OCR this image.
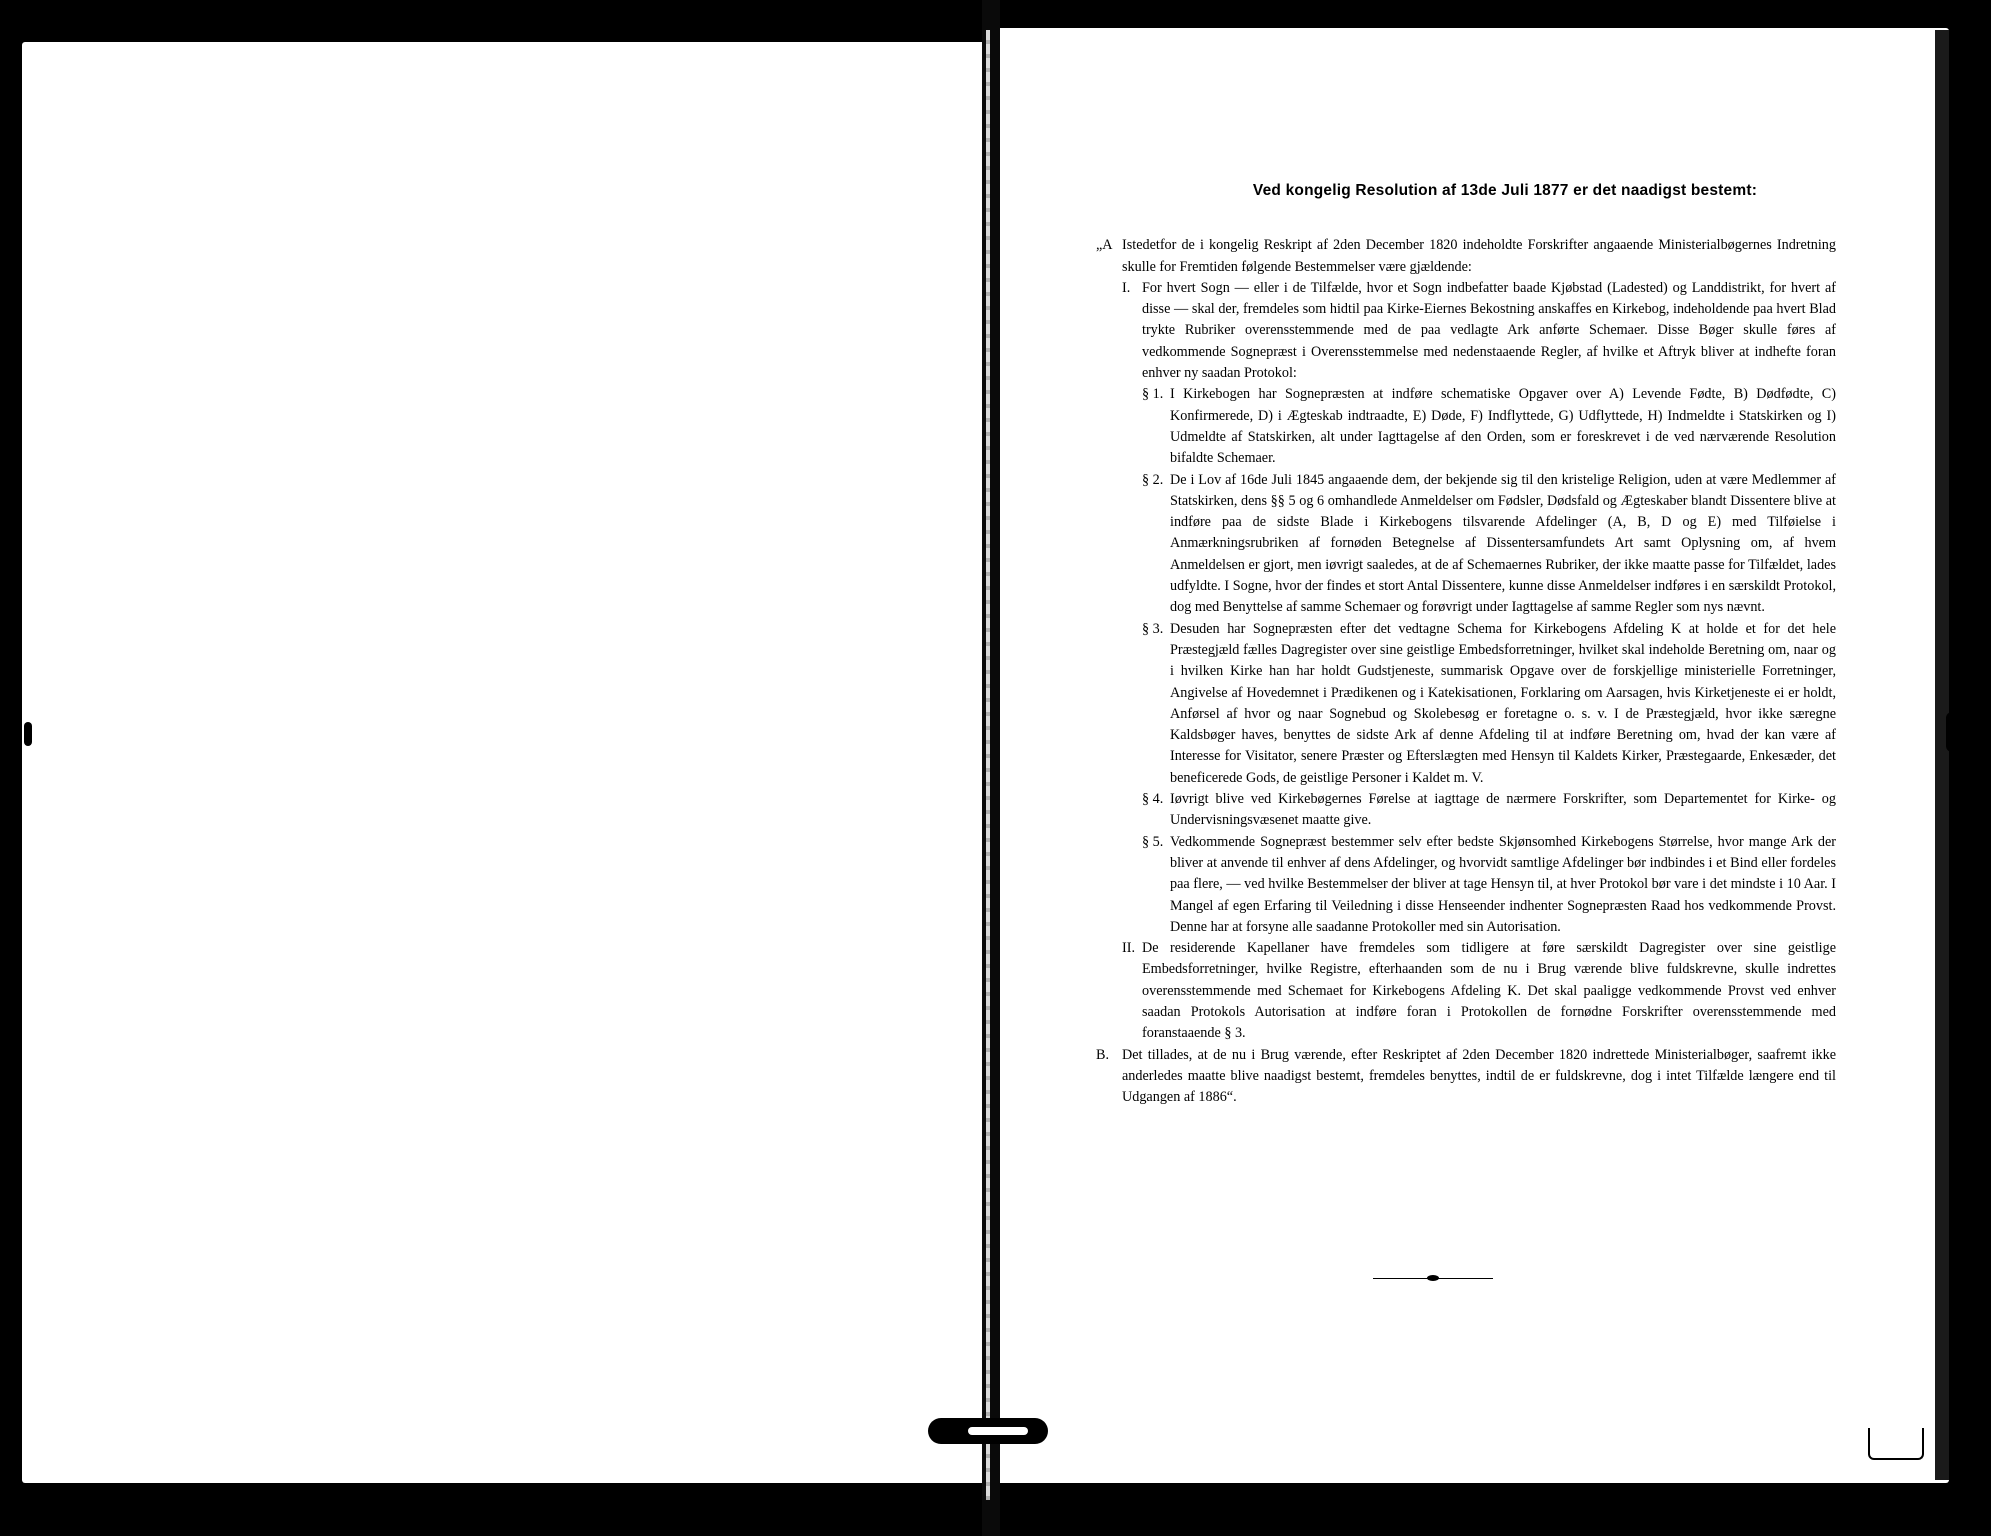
Ved kongelig Resolution af 13de Juli 1877 er det naadigst bestemt:
„A Istedetfor de i kongelig Reskript af 2den December 1820 indeholdte Forskrifter angaaende Ministerialbøgernes Indretning skulle for Fremtiden følgende Bestemmelser være gjældende:
I. For hvert Sogn — eller i de Tilfælde, hvor et Sogn indbefatter baade Kjøbstad (Ladested) og Landdistrikt, for hvert af disse — skal der, fremdeles som hidtil paa Kirke-Eiernes Bekostning anskaffes en Kirkebog, indeholdende paa hvert Blad trykte Rubriker overensstemmende med de paa vedlagte Ark anførte Schemaer. Disse Bøger skulle føres af vedkommende Sognepræst i Overensstemmelse med nedenstaaende Regler, af hvilke et Aftryk bliver at indhefte foran enhver ny saadan Protokol:
§ 1. I Kirkebogen har Sognepræsten at indføre schematiske Opgaver over A) Levende Fødte, B) Dødfødte, C) Konfirmerede, D) i Ægteskab indtraadte, E) Døde, F) Indflyttede, G) Udflyttede, H) Indmeldte i Statskirken og I) Udmeldte af Statskirken, alt under Iagttagelse af den Orden, som er foreskrevet i de ved nærværende Resolution bifaldte Schemaer.
§ 2. De i Lov af 16de Juli 1845 angaaende dem, der bekjende sig til den kristelige Religion, uden at være Medlemmer af Statskirken, dens §§ 5 og 6 omhandlede Anmeldelser om Fødsler, Dødsfald og Ægteskaber blandt Dissentere blive at indføre paa de sidste Blade i Kirkebogens tilsvarende Afdelinger (A, B, D og E) med Tilføielse i Anmærkningsrubriken af fornøden Betegnelse af Dissentersamfundets Art samt Oplysning om, af hvem Anmeldelsen er gjort, men iøvrigt saaledes, at de af Schemaernes Rubriker, der ikke maatte passe for Tilfældet, lades udfyldte. I Sogne, hvor der findes et stort Antal Dissentere, kunne disse Anmeldelser indføres i en særskildt Protokol, dog med Benyttelse af samme Schemaer og forøvrigt under Iagttagelse af samme Regler som nys nævnt.
§ 3. Desuden har Sognepræsten efter det vedtagne Schema for Kirkebogens Afdeling K at holde et for det hele Præstegjæld fælles Dagregister over sine geistlige Embedsforretninger, hvilket skal indeholde Beretning om, naar og i hvilken Kirke han har holdt Gudstjeneste, summarisk Opgave over de forskjellige ministerielle Forretninger, Angivelse af Hovedemnet i Prædikenen og i Katekisationen, Forklaring om Aarsagen, hvis Kirketjeneste ei er holdt, Anførsel af hvor og naar Sognebud og Skolebesøg er foretagne o. s. v. I de Præstegjæld, hvor ikke særegne Kaldsbøger haves, benyttes de sidste Ark af denne Afdeling til at indføre Beretning om, hvad der kan være af Interesse for Visitator, senere Præster og Efterslægten med Hensyn til Kaldets Kirker, Præstegaarde, Enkesæder, det beneficerede Gods, de geistlige Personer i Kaldet m. V.
§ 4. Iøvrigt blive ved Kirkebøgernes Førelse at iagttage de nærmere Forskrifter, som Departementet for Kirke- og Undervisningsvæsenet maatte give.
§ 5. Vedkommende Sognepræst bestemmer selv efter bedste Skjønsomhed Kirkebogens Størrelse, hvor mange Ark der bliver at anvende til enhver af dens Afdelinger, og hvorvidt samtlige Afdelinger bør indbindes i et Bind eller fordeles paa flere, — ved hvilke Bestemmelser der bliver at tage Hensyn til, at hver Protokol bør vare i det mindste i 10 Aar. I Mangel af egen Erfaring til Veiledning i disse Henseender indhenter Sognepræsten Raad hos vedkommende Provst. Denne har at forsyne alle saadanne Protokoller med sin Autorisation.
II. De residerende Kapellaner have fremdeles som tidligere at føre særskildt Dagregister over sine geistlige Embedsforretninger, hvilke Registre, efterhaanden som de nu i Brug værende blive fuldskrevne, skulle indrettes overensstemmende med Schemaet for Kirkebogens Afdeling K. Det skal paaligge vedkommende Provst ved enhver saadan Protokols Autorisation at indføre foran i Protokollen de fornødne Forskrifter overensstemmende med foranstaaende § 3.
B. Det tillades, at de nu i Brug værende, efter Reskriptet af 2den December 1820 indrettede Ministerialbøger, saafremt ikke anderledes maatte blive naadigst bestemt, fremdeles benyttes, indtil de er fuldskrevne, dog i intet Tilfælde længere end til Udgangen af 1886“.
